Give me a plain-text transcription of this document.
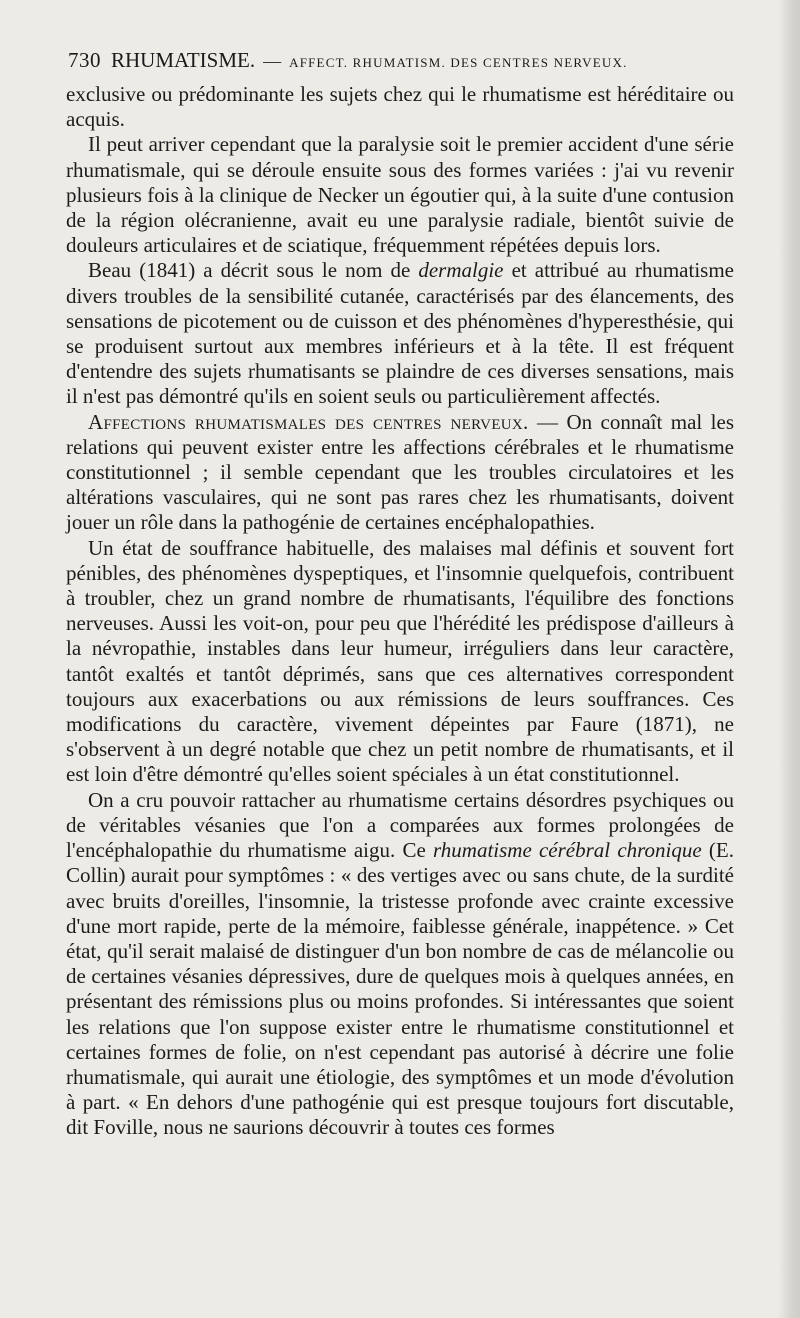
730 RHUMATISME. — AFFECT. RHUMATISM. DES CENTRES NERVEUX.

exclusive ou prédominante les sujets chez qui le rhumatisme est héréditaire ou acquis.

Il peut arriver cependant que la paralysie soit le premier accident d'une série rhumatismale, qui se déroule ensuite sous des formes variées : j'ai vu revenir plusieurs fois à la clinique de Necker un égoutier qui, à la suite d'une contusion de la région olécranienne, avait eu une paralysie radiale, bientôt suivie de douleurs articulaires et de sciatique, fréquemment répétées depuis lors.

Beau (1841) a décrit sous le nom de dermalgie et attribué au rhumatisme divers troubles de la sensibilité cutanée, caractérisés par des élancements, des sensations de picotement ou de cuisson et des phénomènes d'hyperesthésie, qui se produisent surtout aux membres inférieurs et à la tête. Il est fréquent d'entendre des sujets rhumatisants se plaindre de ces diverses sensations, mais il n'est pas démontré qu'ils en soient seuls ou particulièrement affectés.

Affections rhumatismales des centres nerveux. — On connaît mal les relations qui peuvent exister entre les affections cérébrales et le rhumatisme constitutionnel ; il semble cependant que les troubles circulatoires et les altérations vasculaires, qui ne sont pas rares chez les rhumatisants, doivent jouer un rôle dans la pathogénie de certaines encéphalopathies.

Un état de souffrance habituelle, des malaises mal définis et souvent fort pénibles, des phénomènes dyspeptiques, et l'insomnie quelquefois, contribuent à troubler, chez un grand nombre de rhumatisants, l'équilibre des fonctions nerveuses. Aussi les voit-on, pour peu que l'hérédité les prédispose d'ailleurs à la névropathie, instables dans leur humeur, irréguliers dans leur caractère, tantôt exaltés et tantôt déprimés, sans que ces alternatives correspondent toujours aux exacerbations ou aux rémissions de leurs souffrances. Ces modifications du caractère, vivement dépeintes par Faure (1871), ne s'observent à un degré notable que chez un petit nombre de rhumatisants, et il est loin d'être démontré qu'elles soient spéciales à un état constitutionnel.

On a cru pouvoir rattacher au rhumatisme certains désordres psychiques ou de véritables vésanies que l'on a comparées aux formes prolongées de l'encéphalopathie du rhumatisme aigu. Ce rhumatisme cérébral chronique (E. Collin) aurait pour symptômes : « des vertiges avec ou sans chute, de la surdité avec bruits d'oreilles, l'insomnie, la tristesse profonde avec crainte excessive d'une mort rapide, perte de la mémoire, faiblesse générale, inappétence. » Cet état, qu'il serait malaisé de distinguer d'un bon nombre de cas de mélancolie ou de certaines vésanies dépressives, dure de quelques mois à quelques années, en présentant des rémissions plus ou moins profondes. Si intéressantes que soient les relations que l'on suppose exister entre le rhumatisme constitutionnel et certaines formes de folie, on n'est cependant pas autorisé à décrire une folie rhumatismale, qui aurait une étiologie, des symptômes et un mode d'évolution à part. « En dehors d'une pathogénie qui est presque toujours fort discutable, dit Foville, nous ne saurions découvrir à toutes ces formes
